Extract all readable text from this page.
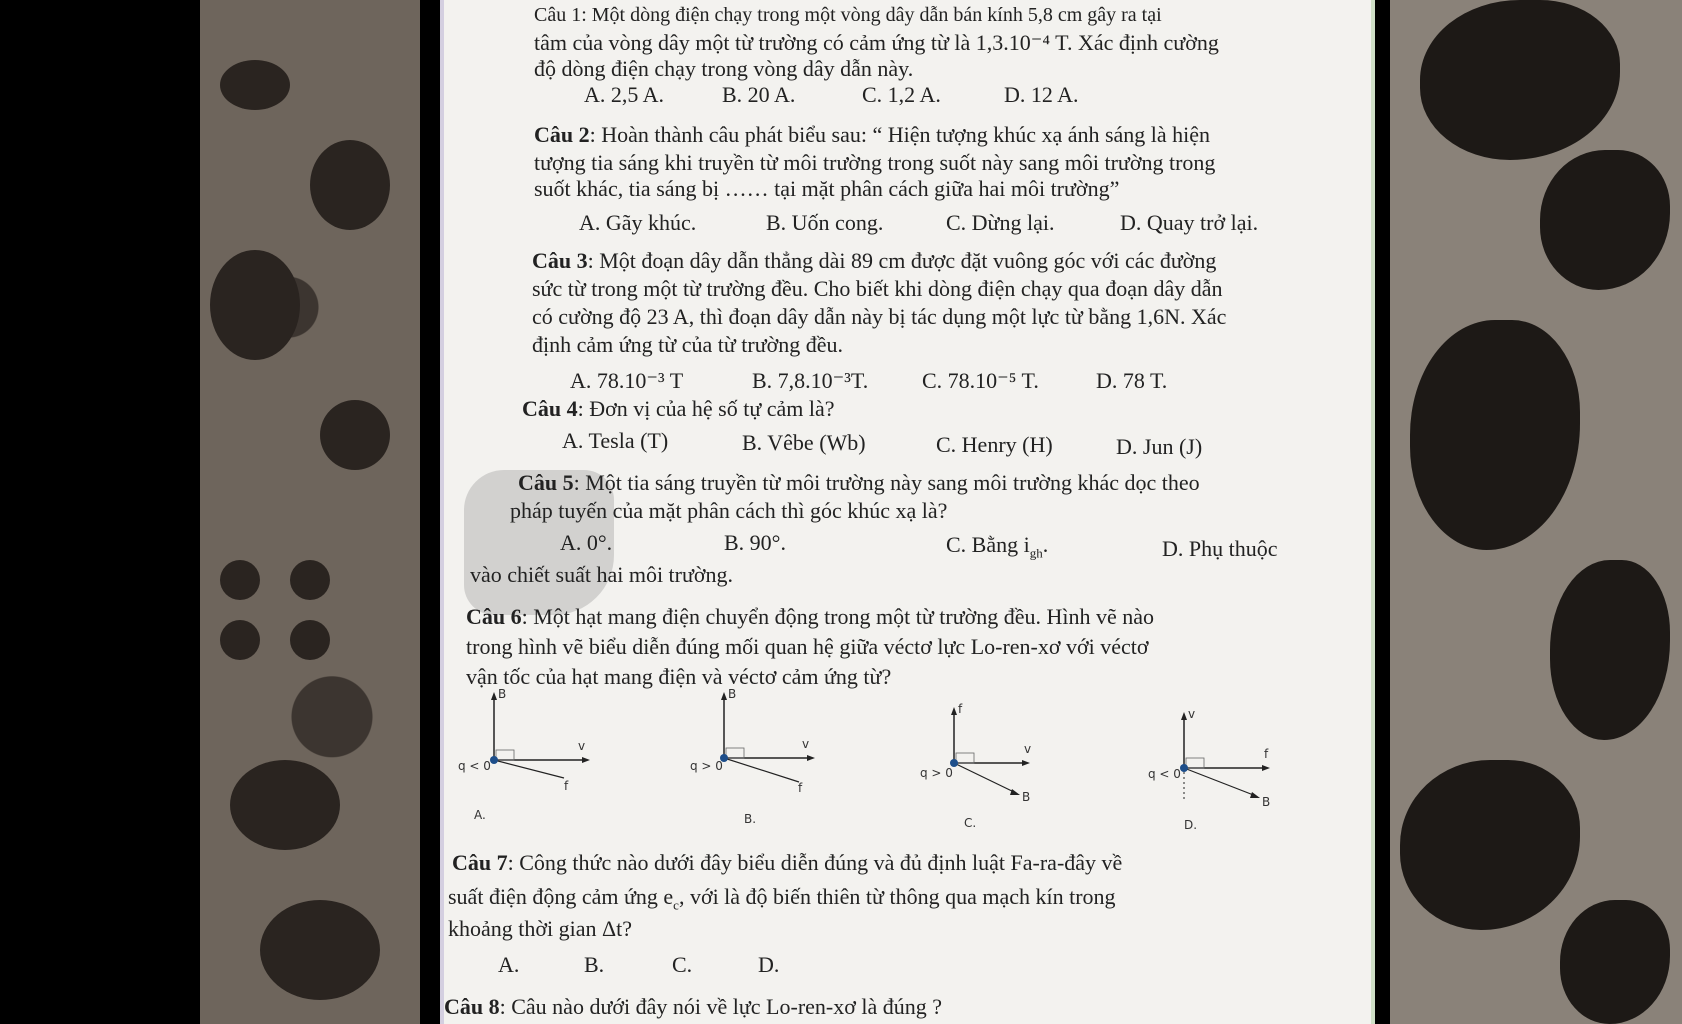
Câu 1: Một dòng điện chạy trong một vòng dây dẫn bán kính 5,8 cm gây ra tại
tâm của vòng dây một từ trường có cảm ứng từ là 1,3.10⁻⁴ T. Xác định cường
độ dòng điện chạy trong vòng dây dẫn này.
A. 2,5 A.	B. 20 A.	C. 1,2 A.	D. 12 A.
Câu 2: Hoàn thành câu phát biểu sau: “ Hiện tượng khúc xạ ánh sáng là hiện
tượng tia sáng khi truyền từ môi trường trong suốt này sang môi trường trong
suốt khác, tia sáng bị …… tại mặt phân cách giữa hai môi trường”
A. Gãy khúc.	B. Uốn cong.	C. Dừng lại.	D. Quay trở lại.
Câu 3: Một đoạn dây dẫn thẳng dài 89 cm được đặt vuông góc với các đường
sức từ trong một từ trường đều. Cho biết khi dòng điện chạy qua đoạn dây dẫn
có cường độ 23 A, thì đoạn dây dẫn này bị tác dụng một lực từ bằng 1,6N. Xác
định cảm ứng từ của từ trường đều.
A. 78.10⁻³ T	B. 7,8.10⁻³T. C. 78.10⁻⁵ T.	D. 78 T.
Câu 4: Đơn vị của hệ số tự cảm là?
A. Tesla (T)	B. Vêbe (Wb)	C. Henry (H)	D. Jun (J)
Câu 5: Một tia sáng truyền từ môi trường này sang môi trường khác dọc theo
pháp tuyến của mặt phân cách thì góc khúc xạ là?
A. 0°.	B. 90°.	C. Bằng $i_{gh}$.	D. Phụ thuộc
vào chiết suất hai môi trường.
Câu 6: Một hạt mang điện chuyển động trong một từ trường đều. Hình vẽ nào
trong hình vẽ biểu diễn đúng mối quan hệ giữa véctơ lực Lo-ren-xơ với véctơ
vận tốc của hạt mang điện và véctơ cảm ứng từ?
B
v
f
q < 0
A.
B
v
f
q > 0
B.
f
v
B
q > 0
C.
v
f
B
q < 0
D.
Câu 7: Công thức nào dưới đây biểu diễn đúng và đủ định luật Fa-ra-đây về
suất điện động cảm ứng $e_c$, với là độ biến thiên từ thông qua mạch kín trong
khoảng thời gian Δt?
A.	B.	C.	D.
Câu 8: Câu nào dưới đây nói về lực Lo-ren-xơ là đúng ?
